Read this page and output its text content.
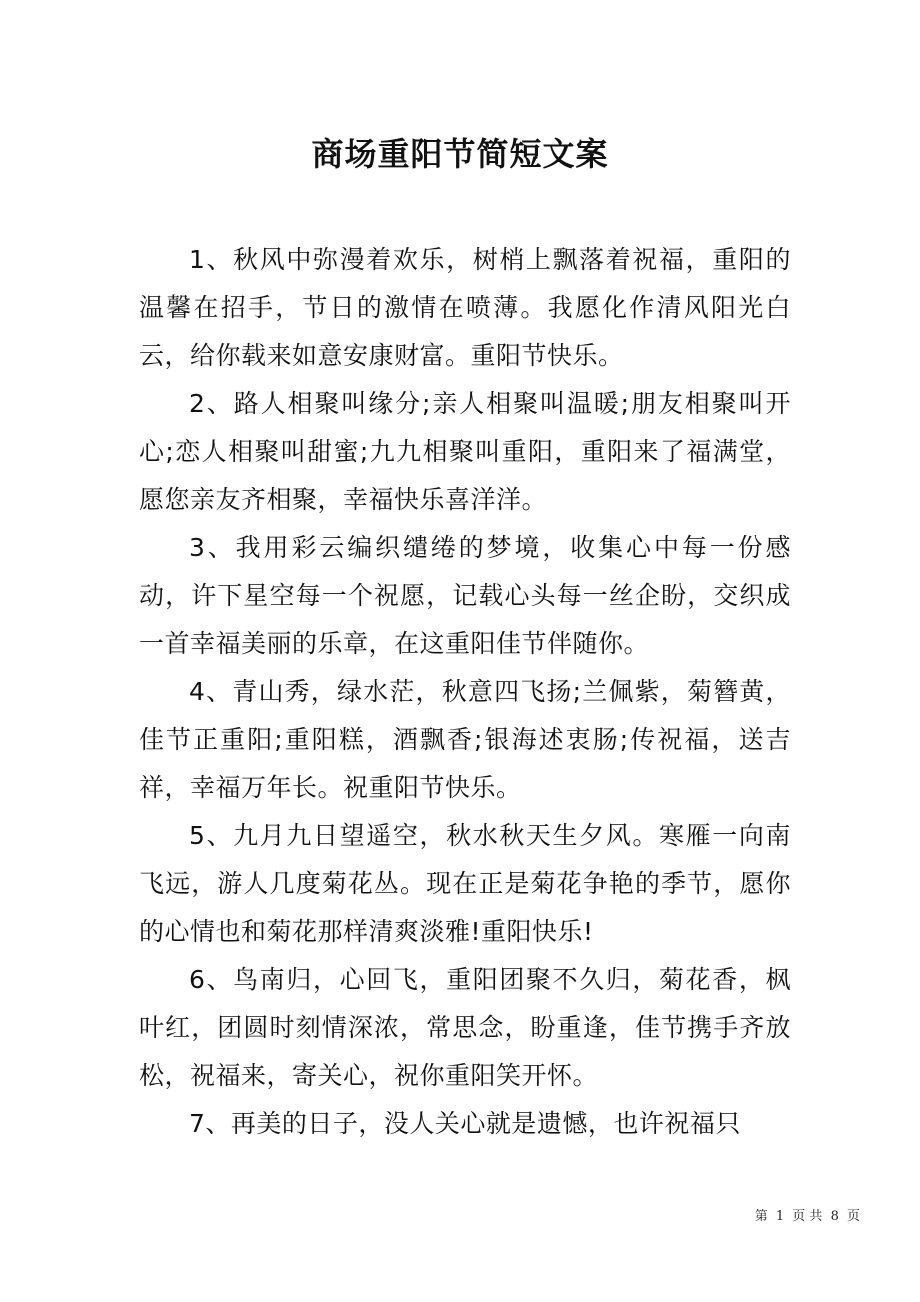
商场重阳节简短文案

1、秋风中弥漫着欢乐，树梢上飘落着祝福，重阳的温馨在招手，节日的激情在喷薄。我愿化作清风阳光白云，给你载来如意安康财富。重阳节快乐。

2、路人相聚叫缘分;亲人相聚叫温暖;朋友相聚叫开心;恋人相聚叫甜蜜;九九相聚叫重阳，重阳来了福满堂，愿您亲友齐相聚，幸福快乐喜洋洋。

3、我用彩云编织缱绻的梦境，收集心中每一份感动，许下星空每一个祝愿，记载心头每一丝企盼，交织成一首幸福美丽的乐章，在这重阳佳节伴随你。

4、青山秀，绿水茫，秋意四飞扬;兰佩紫，菊簪黄，佳节正重阳;重阳糕，酒飘香;银海述衷肠;传祝福，送吉祥，幸福万年长。祝重阳节快乐。

5、九月九日望遥空，秋水秋天生夕风。寒雁一向南飞远，游人几度菊花丛。现在正是菊花争艳的季节，愿你的心情也和菊花那样清爽淡雅!重阳快乐!

6、鸟南归，心回飞，重阳团聚不久归，菊花香，枫叶红，团圆时刻情深浓，常思念，盼重逢，佳节携手齐放松，祝福来，寄关心，祝你重阳笑开怀。

7、再美的日子，没人关心就是遗憾，也许祝福只

第 1 页 共 8 页
